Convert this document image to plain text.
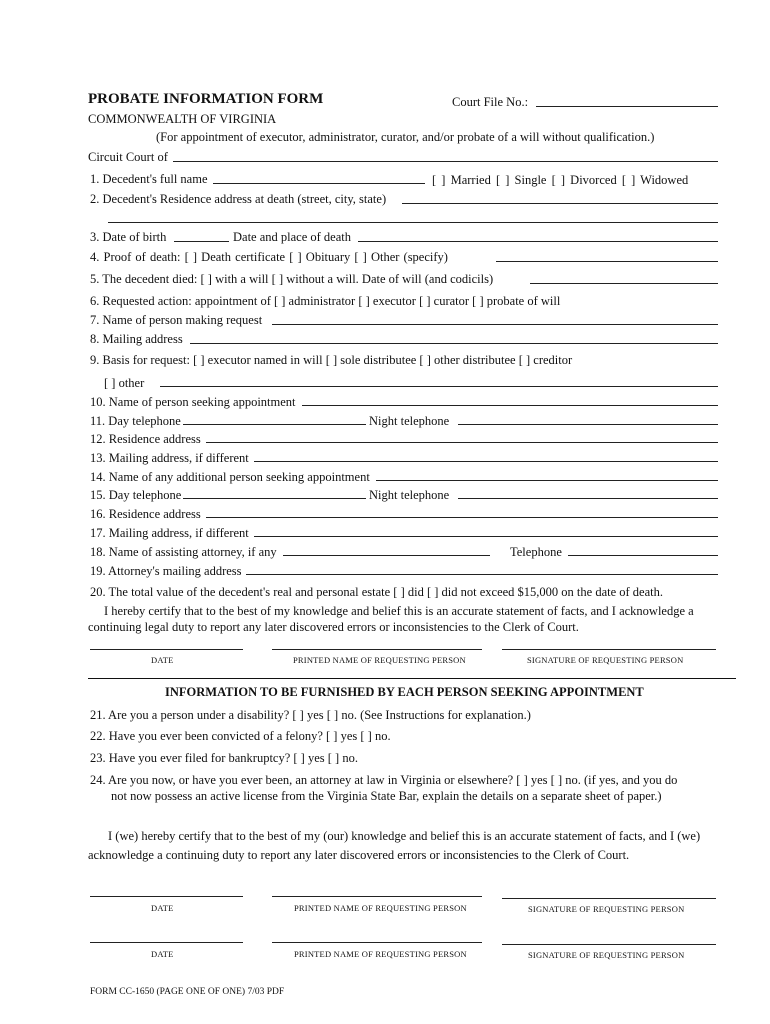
PROBATE INFORMATION FORM	Court File No.:
COMMONWEALTH OF VIRGINIA
(For appointment of executor, administrator, curator, and/or probate of a will without qualification.)
Circuit Court of
1. Decedent's full name	[ ] Married [ ] Single [ ] Divorced [ ] Widowed
2. Decedent's Residence address at death (street, city, state)
3. Date of birth	Date and place of death
4. Proof of death: [ ] Death certificate [ ] Obituary [ ] Other (specify)
5. The decedent died: [ ] with a will [ ] without a will. Date of will (and codicils)
6. Requested action: appointment of [ ] administrator [ ] executor [ ] curator [ ] probate of will
7. Name of person making request
8. Mailing address
9. Basis for request: [ ] executor named in will [ ] sole distributee [ ] other distributee [ ] creditor
[ ] other
10. Name of person seeking appointment
11. Day telephone	Night telephone
12. Residence address
13. Mailing address, if different
14. Name of any additional person seeking appointment
15. Day telephone	Night telephone
16. Residence address
17. Mailing address, if different
18. Name of assisting attorney, if any	Telephone
19. Attorney's mailing address
20. The total value of the decedent's real and personal estate [ ] did [ ] did not exceed $15,000 on the date of death.
I hereby certify that to the best of my knowledge and belief this is an accurate statement of facts, and I acknowledge a
continuing legal duty to report any later discovered errors or inconsistencies to the Clerk of Court.
DATE	PRINTED NAME OF REQUESTING PERSON	SIGNATURE OF REQUESTING PERSON
INFORMATION TO BE FURNISHED BY EACH PERSON SEEKING APPOINTMENT
21. Are you a person under a disability? [ ] yes [ ] no. (See Instructions for explanation.)
22. Have you ever been convicted of a felony? [ ] yes [ ] no.
23. Have you ever filed for bankruptcy? [ ] yes [ ] no.
24. Are you now, or have you ever been, an attorney at law in Virginia or elsewhere? [ ] yes [ ] no. (if yes, and you do
not now possess an active license from the Virginia State Bar, explain the details on a separate sheet of paper.)
I (we) hereby certify that to the best of my (our) knowledge and belief this is an accurate statement of facts, and I (we)
acknowledge a continuing duty to report any later discovered errors or inconsistencies to the Clerk of Court.
DATE	PRINTED NAME OF REQUESTING PERSON	SIGNATURE OF REQUESTING PERSON
DATE	PRINTED NAME OF REQUESTING PERSON	SIGNATURE OF REQUESTING PERSON
FORM CC-1650 (PAGE ONE OF ONE) 7/03 PDF
